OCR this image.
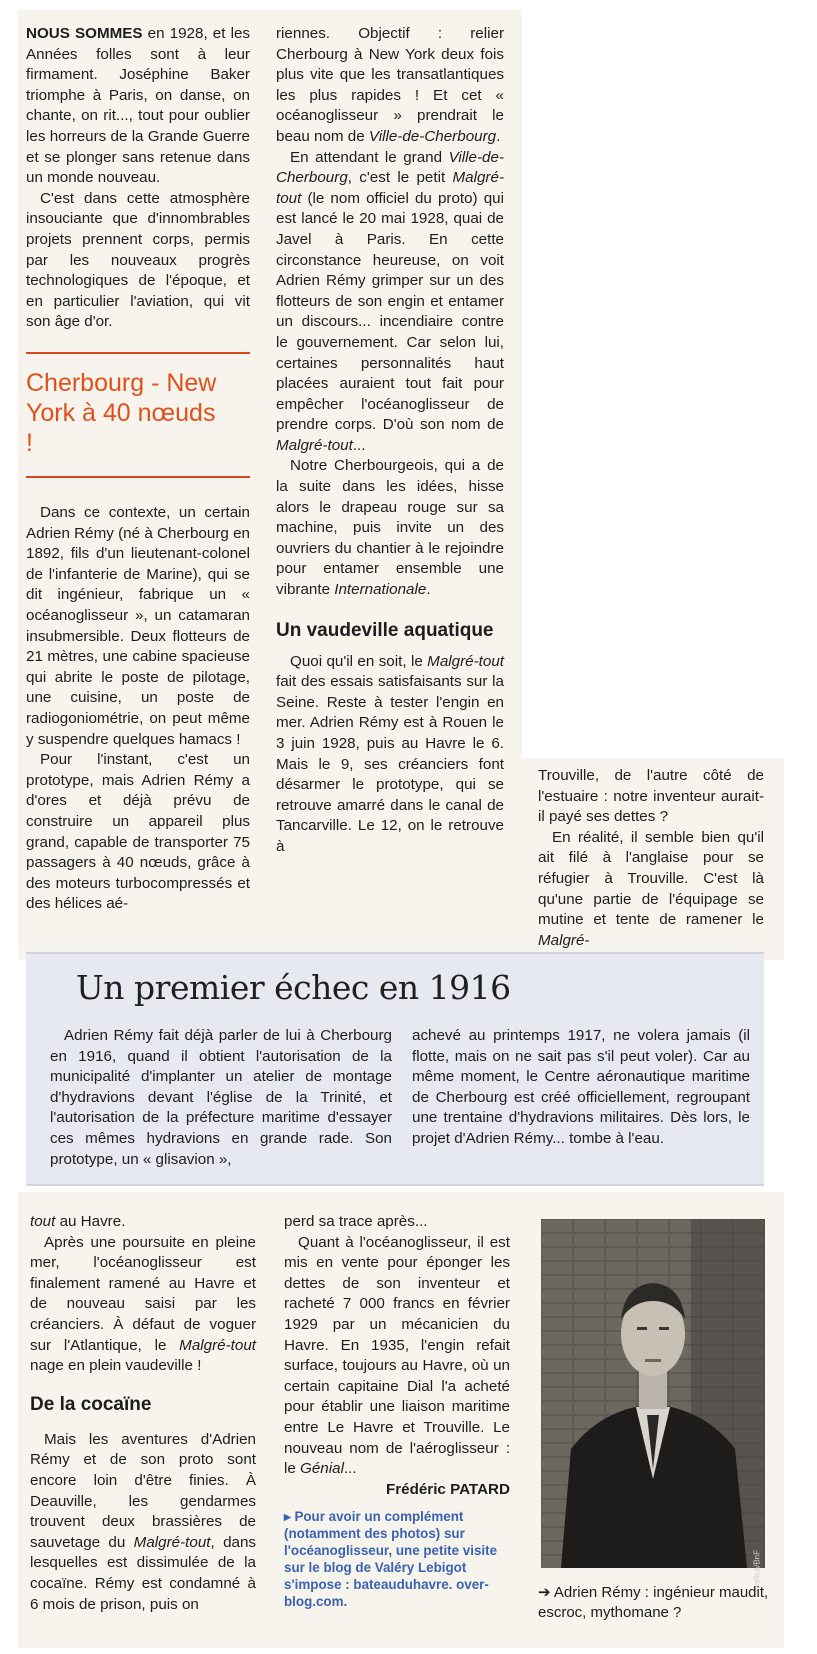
NOUS SOMMES en 1928, et les Années folles sont à leur firmament. Joséphine Baker triomphe à Paris, on danse, on chante, on rit..., tout pour oublier les horreurs de la Grande Guerre et se plonger sans retenue dans un monde nouveau.

C'est dans cette atmosphère insouciante que d'innombrables projets prennent corps, permis par les nouveaux progrès technologiques de l'époque, et en particulier l'aviation, qui vit son âge d'or.

Cherbourg - New York à 40 nœuds !

Dans ce contexte, un certain Adrien Rémy (né à Cherbourg en 1892, fils d'un lieutenant-colonel de l'infanterie de Marine), qui se dit ingénieur, fabrique un « océanoglisseur », un catamaran insubmersible. Deux flotteurs de 21 mètres, une cabine spacieuse qui abrite le poste de pilotage, une cuisine, un poste de radiogoniométrie, on peut même y suspendre quelques hamacs !

Pour l'instant, c'est un prototype, mais Adrien Rémy a d'ores et déjà prévu de construire un appareil plus grand, capable de transporter 75 passagers à 40 nœuds, grâce à des moteurs turbocompressés et des hélices aé-

riennes. Objectif : relier Cherbourg à New York deux fois plus vite que les transatlantiques les plus rapides ! Et cet « océanoglisseur » prendrait le beau nom de Ville-de-Cherbourg.

En attendant le grand Ville-de-Cherbourg, c'est le petit Malgré-tout (le nom officiel du proto) qui est lancé le 20 mai 1928, quai de Javel à Paris. En cette circonstance heureuse, on voit Adrien Rémy grimper sur un des flotteurs de son engin et entamer un discours... incendiaire contre le gouvernement. Car selon lui, certaines personnalités haut placées auraient tout fait pour empêcher l'océanoglisseur de prendre corps. D'où son nom de Malgré-tout...

Notre Cherbourgeois, qui a de la suite dans les idées, hisse alors le drapeau rouge sur sa machine, puis invite un des ouvriers du chantier à le rejoindre pour entamer ensemble une vibrante Internationale.

Un vaudeville aquatique

Quoi qu'il en soit, le Malgré-tout fait des essais satisfaisants sur la Seine. Reste à tester l'engin en mer. Adrien Rémy est à Rouen le 3 juin 1928, puis au Havre le 6. Mais le 9, ses créanciers font désarmer le prototype, qui se retrouve amarré dans le canal de Tancarville. Le 12, on le retrouve à

Trouville, de l'autre côté de l'estuaire : notre inventeur aurait-il payé ses dettes ?

En réalité, il semble bien qu'il ait filé à l'anglaise pour se réfugier à Trouville. C'est là qu'une partie de l'équipage se mutine et tente de ramener le Malgré-

Un premier échec en 1916

Adrien Rémy fait déjà parler de lui à Cherbourg en 1916, quand il obtient l'autorisation de la municipalité d'implanter un atelier de montage d'hydravions devant l'église de la Trinité, et l'autorisation de la préfecture maritime d'essayer ces mêmes hydravions en grande rade. Son prototype, un « glisavion »,

achevé au printemps 1917, ne volera jamais (il flotte, mais on ne sait pas s'il peut voler). Car au même moment, le Centre aéronautique maritime de Cherbourg est créé officiellement, regroupant une trentaine d'hydravions militaires. Dès lors, le projet d'Adrien Rémy... tombe à l'eau.

tout au Havre.

Après une poursuite en pleine mer, l'océanoglisseur est finalement ramené au Havre et de nouveau saisi par les créanciers. À défaut de voguer sur l'Atlantique, le Malgré-tout nage en plein vaudeville !

De la cocaïne

Mais les aventures d'Adrien Rémy et de son proto sont encore loin d'être finies. À Deauville, les gendarmes trouvent deux brassières de sauvetage du Malgré-tout, dans lesquelles est dissimulée de la cocaïne. Rémy est condamné à 6 mois de prison, puis on

perd sa trace après...

Quant à l'océanoglisseur, il est mis en vente pour éponger les dettes de son inventeur et racheté 7 000 francs en février 1929 par un mécanicien du Havre. En 1935, l'engin refait surface, toujours au Havre, où un certain capitaine Dial l'a acheté pour établir une liaison maritime entre Le Havre et Trouville. Le nouveau nom de l'aéroglisseur : le Génial...

Frédéric PATARD

▸ Pour avoir un complément (notamment des photos) sur l'océanoglisseur, une petite visite sur le blog de Valéry Lebigot s'impose : bateauduhavre. over-blog.com.

Gallica/BnF
➔ Adrien Rémy : ingénieur maudit, escroc, mythomane ?
